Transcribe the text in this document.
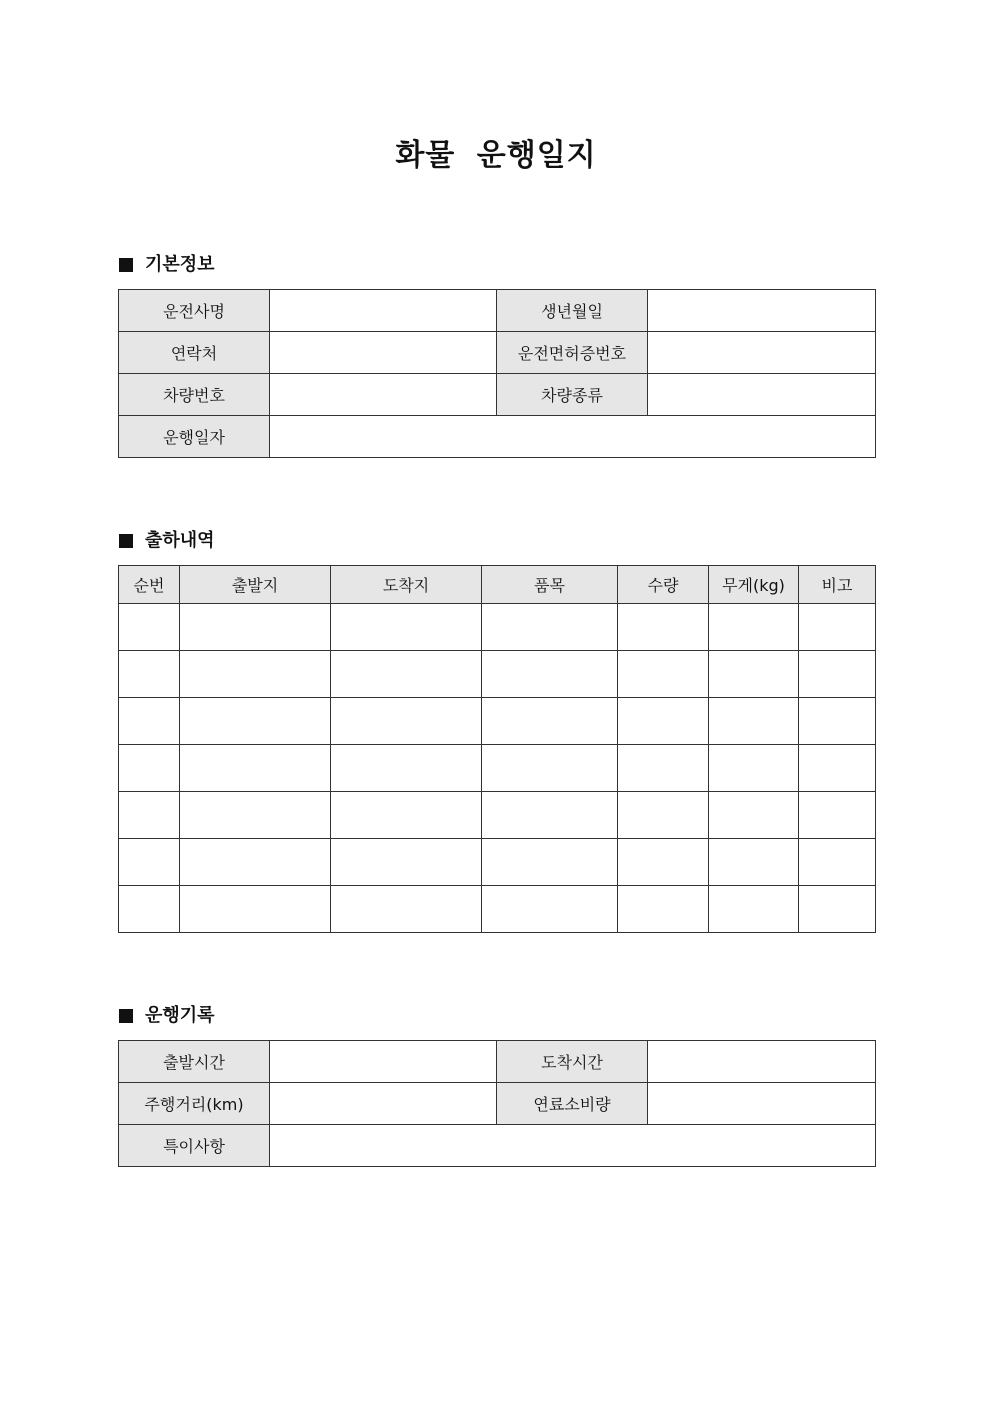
화물 운행일지
기본정보
운전사명		생년월일	
연락처		운전면허증번호	
차량번호		차량종류	
운행일자			
출하내역
순번	출발지	도착지	품목	수량	무게(kg)	비고

운행기록
출발시간		도착시간	
주행거리(km)		연료소비량	
특이사항			
